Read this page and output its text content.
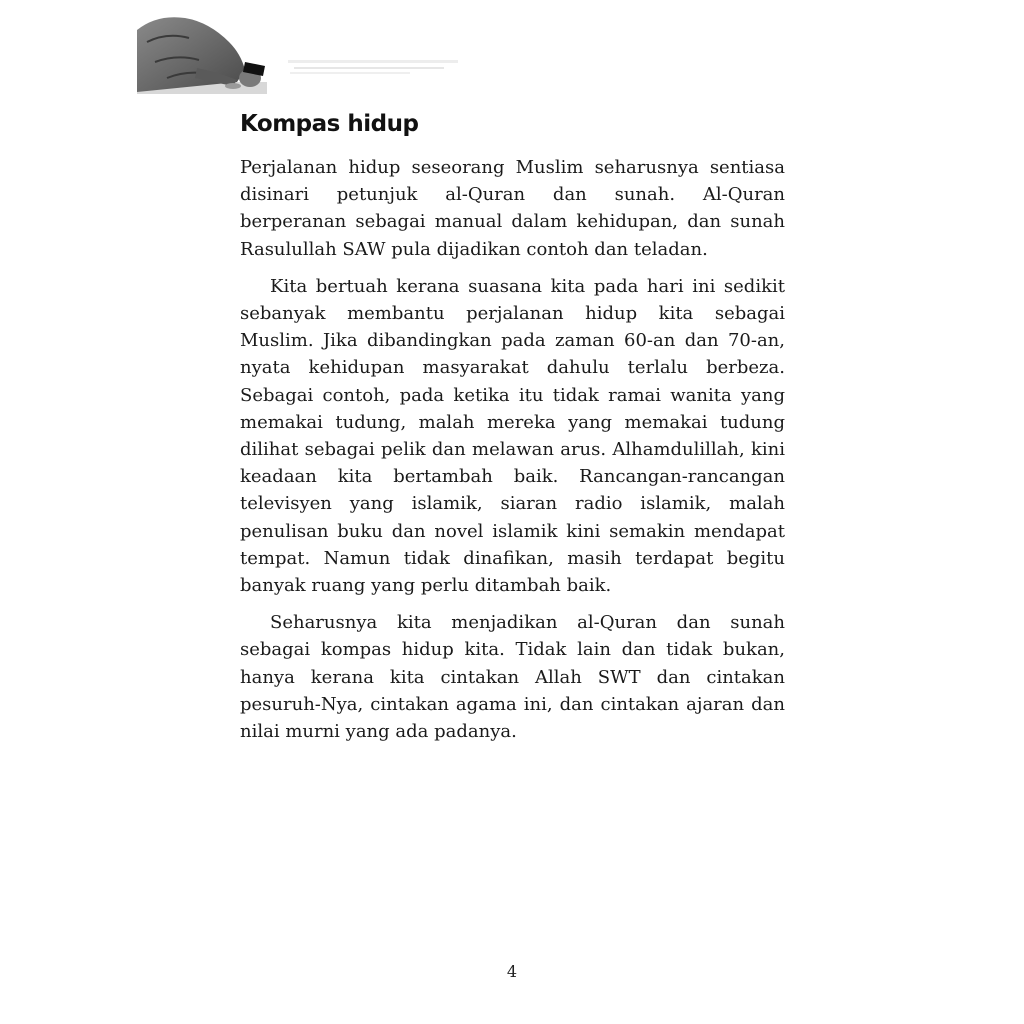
Kompas hidup

Perjalanan hidup seseorang Muslim seharusnya sentiasa disinari petunjuk al-Quran dan sunah. Al-Quran berperanan sebagai manual dalam kehidupan, dan sunah Rasulullah SAW pula dijadikan contoh dan teladan.

Kita bertuah kerana suasana kita pada hari ini sedikit sebanyak membantu perjalanan hidup kita sebagai Muslim. Jika dibandingkan pada zaman 60-an dan 70-an, nyata kehidupan masyarakat dahulu terlalu berbeza. Sebagai contoh, pada ketika itu tidak ramai wanita yang memakai tudung, malah mereka yang memakai tudung dilihat sebagai pelik dan melawan arus. Alhamdulillah, kini keadaan kita bertambah baik. Rancangan-rancangan televisyen yang islamik, siaran radio islamik, malah penulisan buku dan novel islamik kini semakin mendapat tempat. Namun tidak dinafikan, masih terdapat begitu banyak ruang yang perlu ditambah baik.

Seharusnya kita menjadikan al-Quran dan sunah sebagai kompas hidup kita. Tidak lain dan tidak bukan, hanya kerana kita cintakan Allah SWT dan cintakan pesuruh-Nya, cintakan agama ini, dan cintakan ajaran dan nilai murni yang ada padanya.

4
